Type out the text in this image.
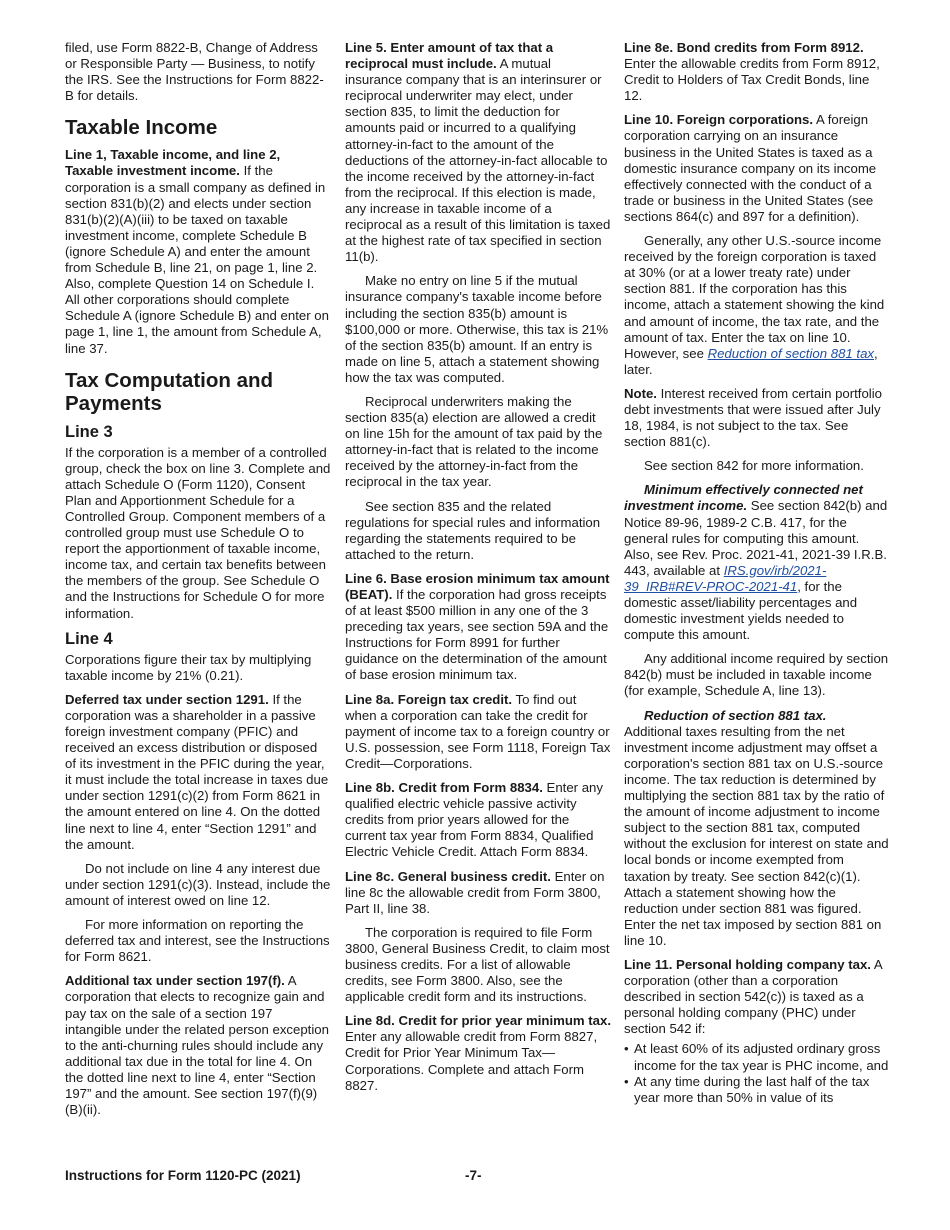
filed, use Form 8822-B, Change of Address or Responsible Party — Business, to notify the IRS. See the Instructions for Form 8822-B for details.

Taxable Income

Line 1, Taxable income, and line 2, Taxable investment income. If the corporation is a small company as defined in section 831(b)(2) and elects under section 831(b)(2)(A)(iii) to be taxed on taxable investment income, complete Schedule B (ignore Schedule A) and enter the amount from Schedule B, line 21, on page 1, line 2. Also, complete Question 14 on Schedule I. All other corporations should complete Schedule A (ignore Schedule B) and enter on page 1, line 1, the amount from Schedule A, line 37.

Tax Computation and Payments
Line 3

If the corporation is a member of a controlled group, check the box on line 3. Complete and attach Schedule O (Form 1120), Consent Plan and Apportionment Schedule for a Controlled Group. Component members of a controlled group must use Schedule O to report the apportionment of taxable income, income tax, and certain tax benefits between the members of the group. See Schedule O and the Instructions for Schedule O for more information.

Line 4

Corporations figure their tax by multiplying taxable income by 21% (0.21).

Deferred tax under section 1291. If the corporation was a shareholder in a passive foreign investment company (PFIC) and received an excess distribution or disposed of its investment in the PFIC during the year, it must include the total increase in taxes due under section 1291(c)(2) from Form 8621 in the amount entered on line 4. On the dotted line next to line 4, enter “Section 1291” and the amount.

Do not include on line 4 any interest due under section 1291(c)(3). Instead, include the amount of interest owed on line 12.

For more information on reporting the deferred tax and interest, see the Instructions for Form 8621.

Additional tax under section 197(f). A corporation that elects to recognize gain and pay tax on the sale of a section 197 intangible under the related person exception to the anti-churning rules should include any additional tax due in the total for line 4. On the dotted line next to line 4, enter “Section 197” and the amount. See section 197(f)(9)(B)(ii).

Line 5. Enter amount of tax that a reciprocal must include. A mutual insurance company that is an interinsurer or reciprocal underwriter may elect, under section 835, to limit the deduction for amounts paid or incurred to a qualifying attorney-in-fact to the amount of the deductions of the attorney-in-fact allocable to the income received by the attorney-in-fact from the reciprocal. If this election is made, any increase in taxable income of a reciprocal as a result of this limitation is taxed at the highest rate of tax specified in section 11(b).

Make no entry on line 5 if the mutual insurance company's taxable income before including the section 835(b) amount is $100,000 or more. Otherwise, this tax is 21% of the section 835(b) amount. If an entry is made on line 5, attach a statement showing how the tax was computed.

Reciprocal underwriters making the section 835(a) election are allowed a credit on line 15h for the amount of tax paid by the attorney-in-fact that is related to the income received by the attorney-in-fact from the reciprocal in the tax year.

See section 835 and the related regulations for special rules and information regarding the statements required to be attached to the return.

Line 6. Base erosion minimum tax amount (BEAT). If the corporation had gross receipts of at least $500 million in any one of the 3 preceding tax years, see section 59A and the Instructions for Form 8991 for further guidance on the determination of the amount of base erosion minimum tax.

Line 8a. Foreign tax credit. To find out when a corporation can take the credit for payment of income tax to a foreign country or U.S. possession, see Form 1118, Foreign Tax Credit—Corporations.

Line 8b. Credit from Form 8834. Enter any qualified electric vehicle passive activity credits from prior years allowed for the current tax year from Form 8834, Qualified Electric Vehicle Credit. Attach Form 8834.

Line 8c. General business credit. Enter on line 8c the allowable credit from Form 3800, Part II, line 38.

The corporation is required to file Form 3800, General Business Credit, to claim most business credits. For a list of allowable credits, see Form 3800. Also, see the applicable credit form and its instructions.

Line 8d. Credit for prior year minimum tax. Enter any allowable credit from Form 8827, Credit for Prior Year Minimum Tax—Corporations. Complete and attach Form 8827.

Line 8e. Bond credits from Form 8912. Enter the allowable credits from Form 8912, Credit to Holders of Tax Credit Bonds, line 12.

Line 10. Foreign corporations. A foreign corporation carrying on an insurance business in the United States is taxed as a domestic insurance company on its income effectively connected with the conduct of a trade or business in the United States (see sections 864(c) and 897 for a definition).

Generally, any other U.S.-source income received by the foreign corporation is taxed at 30% (or at a lower treaty rate) under section 881. If the corporation has this income, attach a statement showing the kind and amount of income, the tax rate, and the amount of tax. Enter the tax on line 10. However, see Reduction of section 881 tax, later.

Note. Interest received from certain portfolio debt investments that were issued after July 18, 1984, is not subject to the tax. See section 881(c).

See section 842 for more information.

Minimum effectively connected net investment income. See section 842(b) and Notice 89-96, 1989-2 C.B. 417, for the general rules for computing this amount. Also, see Rev. Proc. 2021-41, 2021-39 I.R.B. 443, available at IRS.gov/irb/2021-39_IRB#REV-PROC-2021-41, for the domestic asset/liability percentages and domestic investment yields needed to compute this amount.

Any additional income required by section 842(b) must be included in taxable income (for example, Schedule A, line 13).

Reduction of section 881 tax.
Additional taxes resulting from the net investment income adjustment may offset a corporation's section 881 tax on U.S.-source income. The tax reduction is determined by multiplying the section 881 tax by the ratio of the amount of income adjustment to income subject to the section 881 tax, computed without the exclusion for interest on state and local bonds or income exempted from taxation by treaty. See section 842(c)(1). Attach a statement showing how the reduction under section 881 was figured. Enter the net tax imposed by section 881 on line 10.

Line 11. Personal holding company tax. A corporation (other than a corporation described in section 542(c)) is taxed as a personal holding company (PHC) under section 542 if:

• At least 60% of its adjusted ordinary gross income for the tax year is PHC income, and
• At any time during the last half of the tax year more than 50% in value of its
Instructions for Form 1120-PC (2021)	-7-
